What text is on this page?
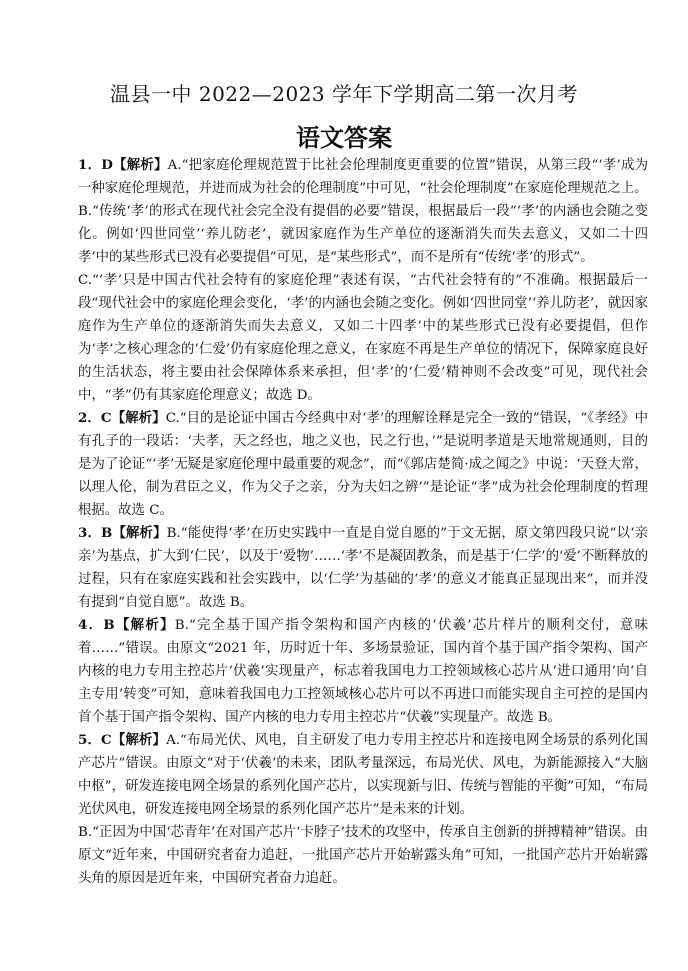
温县一中 2022—2023 学年下学期高二第一次月考
语文答案

1．D【解析】A.“把家庭伦理规范置于比社会伦理制度更重要的位置”错误，从第三段“‘孝’成为一种家庭伦理规范，并进而成为社会的伦理制度”中可见，“社会伦理制度”在家庭伦理规范之上。

B.“传统‘孝’的形式在现代社会完全没有提倡的必要”错误，根据最后一段“‘孝’的内涵也会随之变化。例如‘四世同堂’‘养儿防老’，就因家庭作为生产单位的逐渐消失而失去意义，又如二十四孝’中的某些形式已没有必要提倡”可见，是“某些形式”，而不是所有“传统‘孝’的形式”。

C.“‘孝’只是中国古代社会特有的家庭伦理”表述有误，“古代社会特有的”不准确。根据最后一段“现代社会中的家庭伦理会变化，‘孝’的内涵也会随之变化。例如‘四世同堂’‘养儿防老’，就因家庭作为生产单位的逐渐消失而失去意义，又如二十四孝’中的某些形式已没有必要提倡，但作为‘孝’之核心理念的‘仁爱’仍有家庭伦理之意义，在家庭不再是生产单位的情况下，保障家庭良好的生活状态，将主要由社会保障体系来承担，但‘孝’的‘仁爱’精神则不会改变”可见，现代社会中，“孝”仍有其家庭伦理意义；故选 D。

2．C【解析】C.“目的是论证中国古今经典中对‘孝’的理解诠释是完全一致的”错误，“《孝经》中有孔子的一段话：‘夫孝，天之经也，地之义也，民之行也，’”是说明孝道是天地常规通则，目的是为了论证“‘孝’无疑是家庭伦理中最重要的观念”，而“《郭店楚简·成之闻之》中说：‘天登大常，以理人伦，制为君臣之义，作为父子之亲，分为夫妇之辨’”是论证“孝”成为社会伦理制度的哲理根据。故选 C。

3．B【解析】B.“能使得‘孝’在历史实践中一直是自觉自愿的”于文无据，原文第四段只说“以‘亲亲’为基点，扩大到‘仁民’，以及于‘爱物’……‘孝’不是凝固教条，而是基于‘仁学’的‘爱’不断释放的过程，只有在家庭实践和社会实践中，以‘仁学’为基础的‘孝’的意义才能真正显现出来”，而并没有提到“自觉自愿”。故选 B。

4．B【解析】B.“完全基于国产指令架构和国产内核的‘伏羲’芯片样片的顺利交付，意味着……”错误。由原文“2021 年，历时近十年、多场景验证，国内首个基于国产指令架构、国产内核的电力专用主控芯片‘伏羲’实现量产，标志着我国电力工控领域核心芯片从‘进口通用’向‘自主专用’转变”可知，意味着我国电力工控领域核心芯片可以不再进口而能实现自主可控的是国内首个基于国产指令架构、国产内核的电力专用主控芯片“伏羲”实现量产。故选 B。

5．C【解析】A.“布局光伏、风电，自主研发了电力专用主控芯片和连接电网全场景的系列化国产芯片”错误。由原文“对于‘伏羲’的未来，团队考量深远，布局光伏、风电，为新能源接入“大脑中枢”，研发连接电网全场景的系列化国产芯片，以实现新与旧、传统与智能的平衡”可知，“布局光伏风电，研发连接电网全场景的系列化国产芯片”是未来的计划。

B.“正因为中国‘芯青年’在对国产芯片‘卡脖子’技术的攻坚中，传承自主创新的拼搏精神”错误。由原文“近年来，中国研究者奋力追赶，一批国产芯片开始崭露头角”可知，一批国产芯片开始崭露头角的原因是近年来，中国研究者奋力追赶。
